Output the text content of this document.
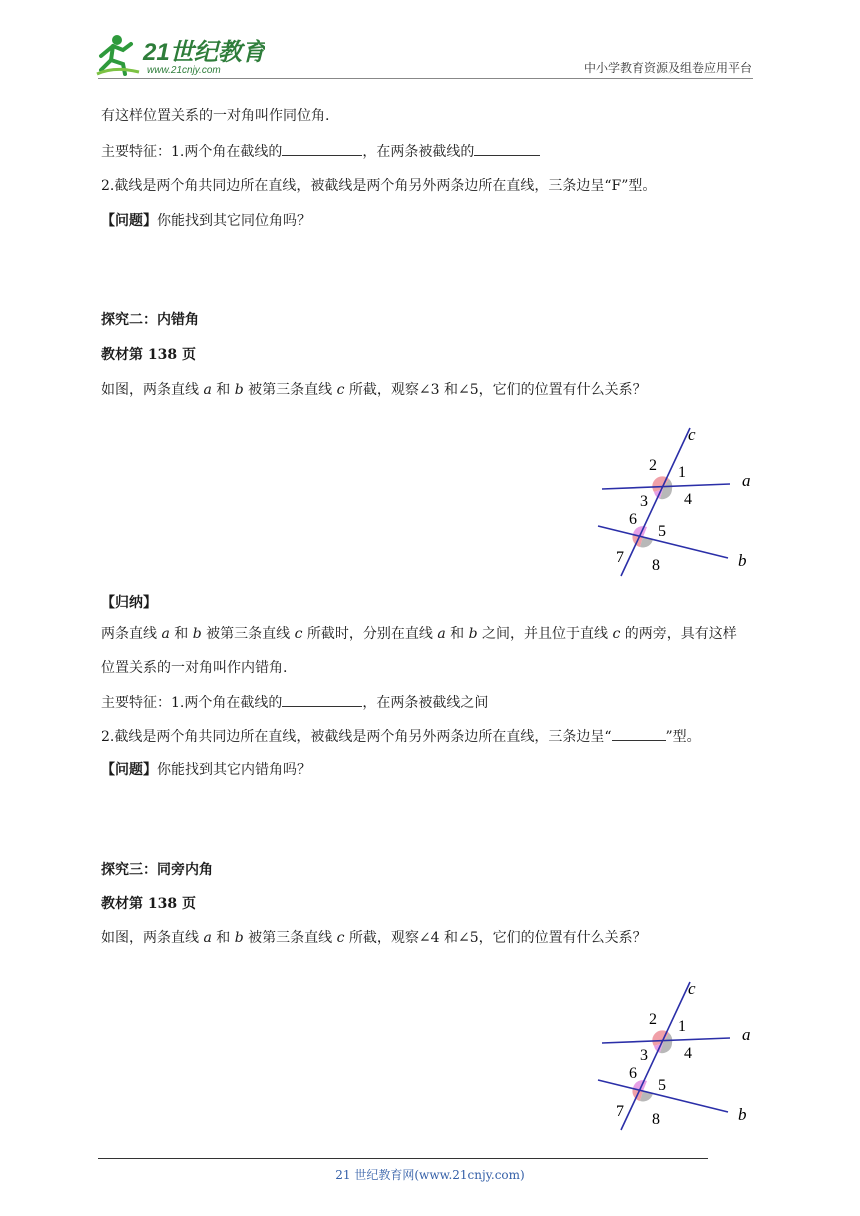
21世纪教育
www.21cnjy.com	中小学教育资源及组卷应用平台
有这样位置关系的一对角叫作同位角.
主要特征：1.两个角在截线的	，在两条被截线的
2.截线是两个角共同边所在直线，被截线是两个角另外两条边所在直线，三条边呈“F”型。
【问题】你能找到其它同位角吗？
探究二：内错角
教材第 138 页
如图，两条直线 a 和 b 被第三条直线 c 所截，观察∠3 和∠5，它们的位置有什么关系？
c
a
b
1
2
3 4
5
6
7 8
【归纳】
两条直线 a 和 b 被第三条直线 c 所截时，分别在直线 a 和 b 之间，并且位于直线 c 的两旁，具有这样
位置关系的一对角叫作内错角.
主要特征：1.两个角在截线的	，在两条被截线之间
2.截线是两个角共同边所在直线，被截线是两个角另外两条边所在直线，三条边呈“	”型。
【问题】你能找到其它内错角吗？
探究三：同旁内角
教材第 138 页
如图，两条直线 a 和 b 被第三条直线 c 所截，观察∠4 和∠5，它们的位置有什么关系？
c
a
b
1
2
3 4
5
6
7 8
21 世纪教育网(www.21cnjy.com)
